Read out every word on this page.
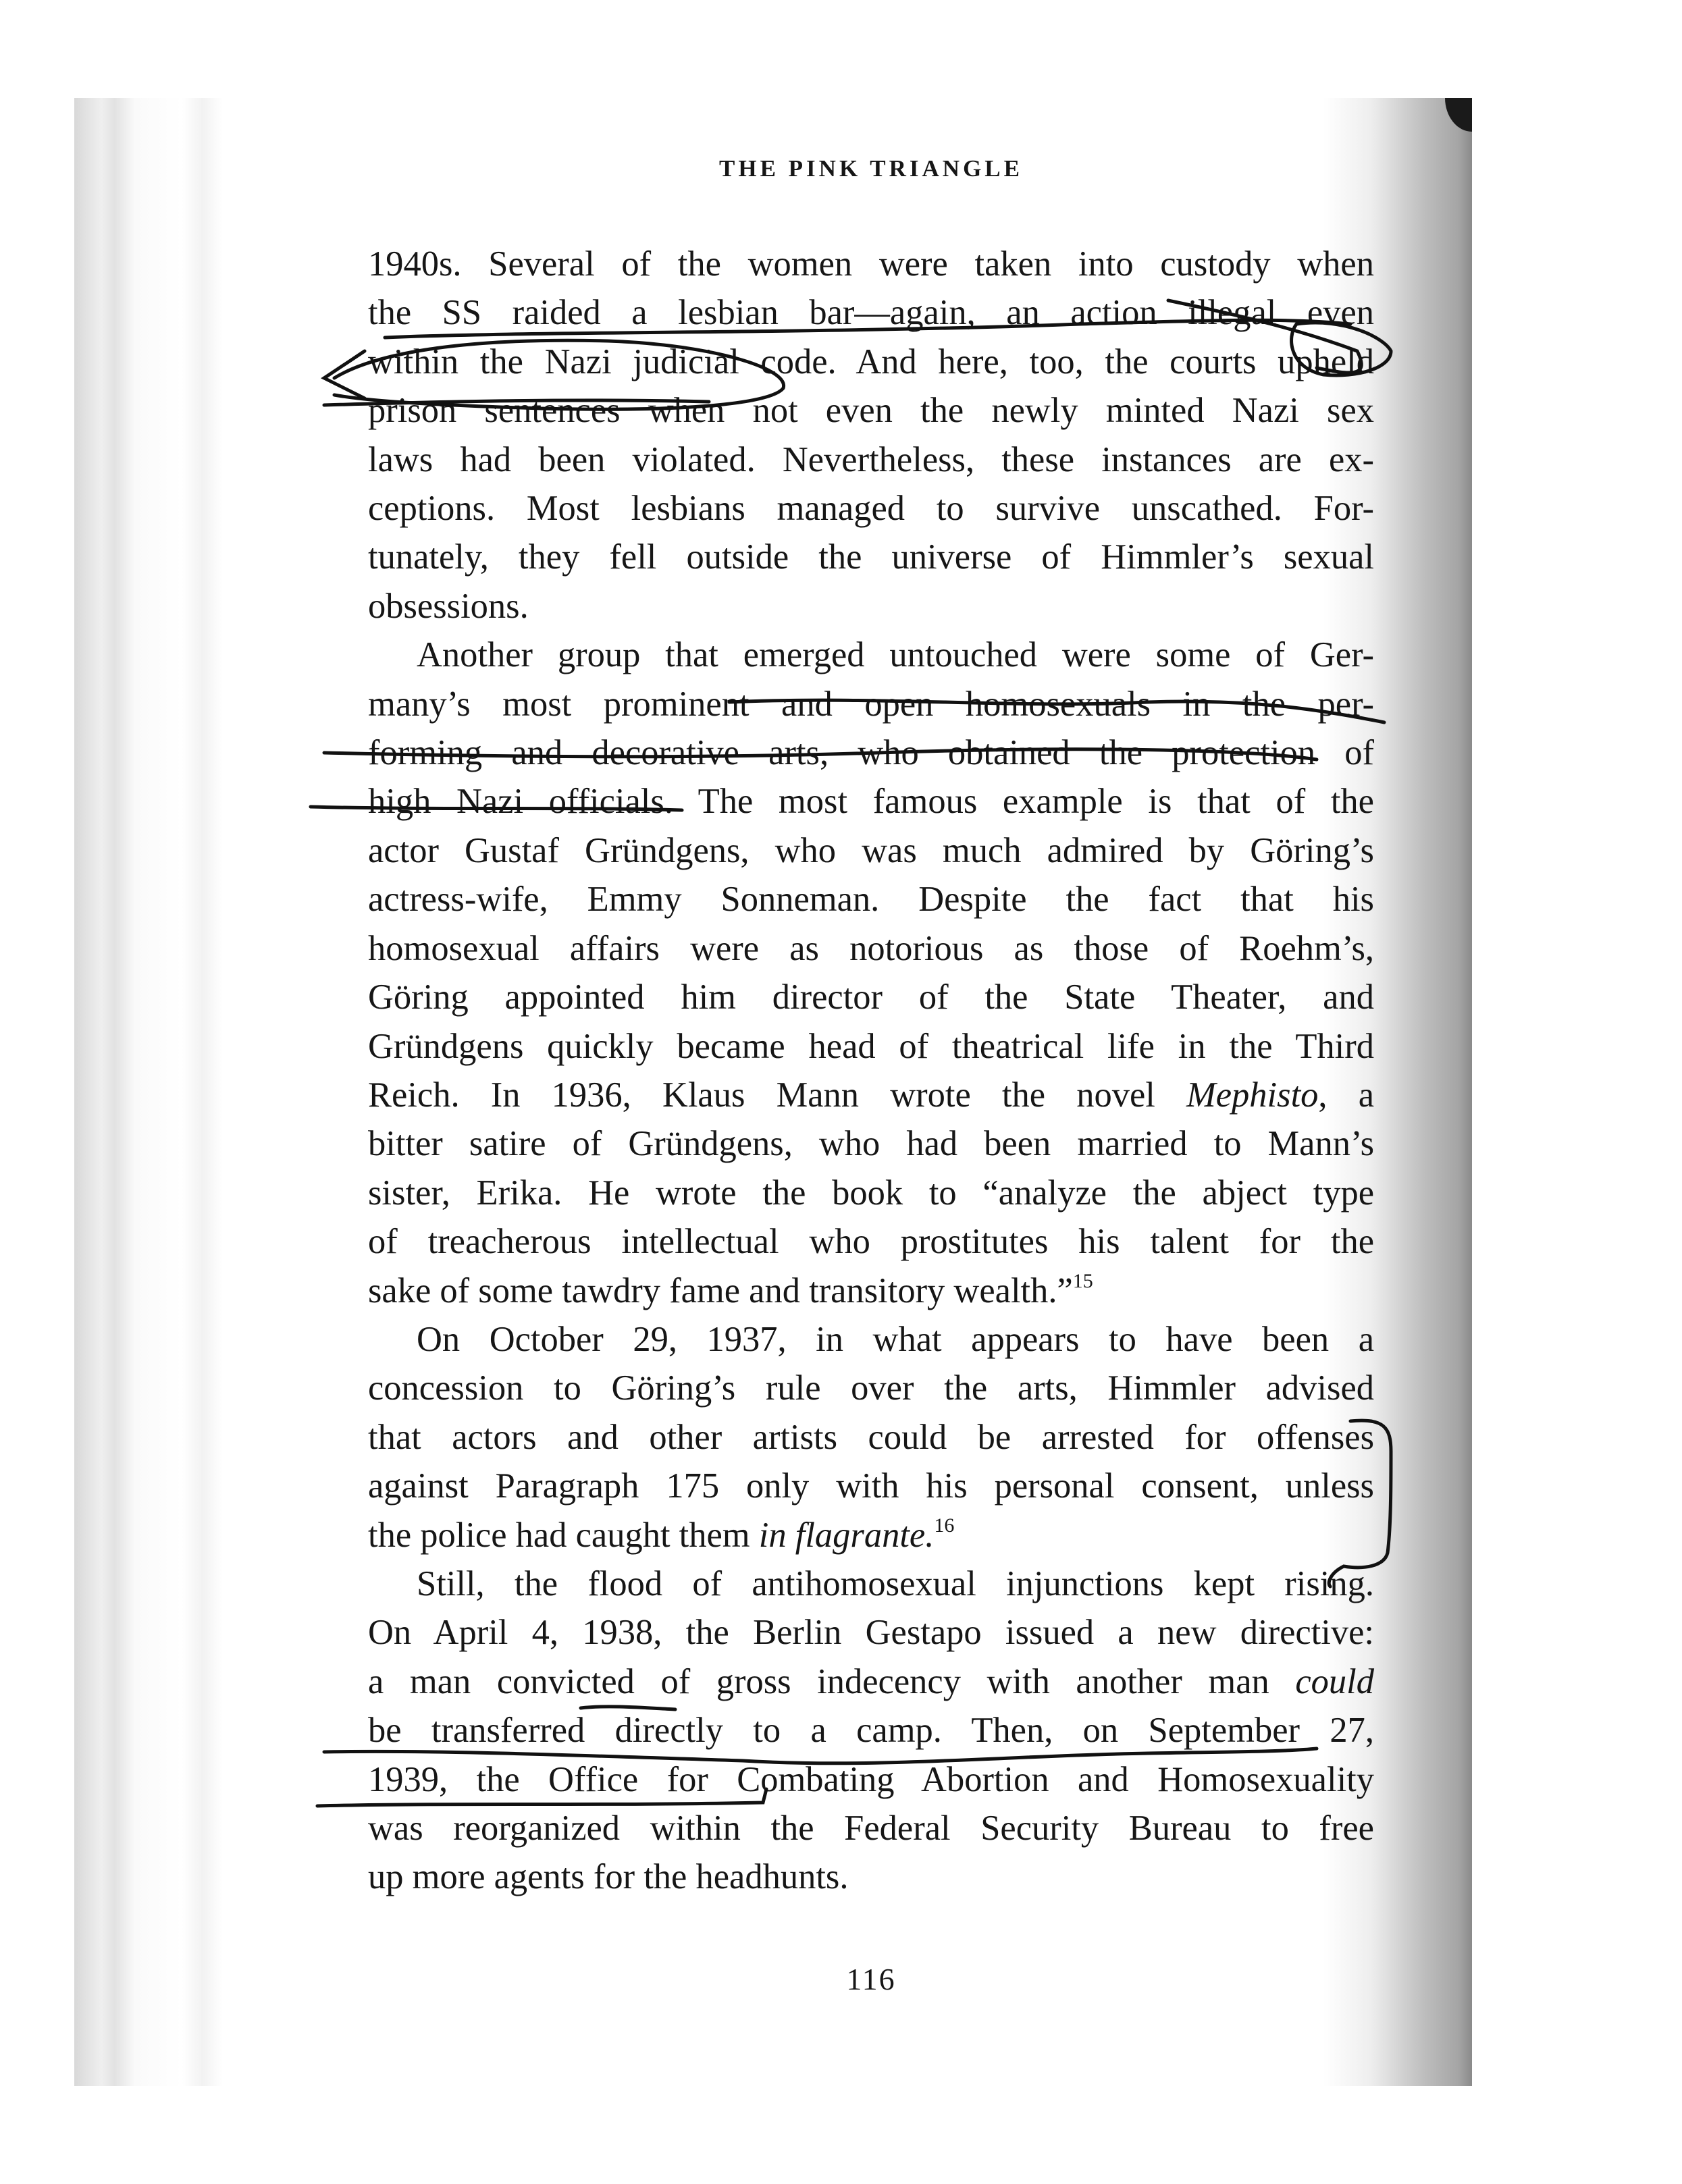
THE PINK TRIANGLE

1940s. Several of the women were taken into custody when
the SS raided a lesbian bar—again, an action illegal even
within the Nazi judicial code. And here, too, the courts upheld
prison sentences when not even the newly minted Nazi sex
laws had been violated. Nevertheless, these instances are ex-
ceptions. Most lesbians managed to survive unscathed. For-
tunately, they fell outside the universe of Himmler’s sexual
obsessions.

Another group that emerged untouched were some of Ger-
many’s most prominent and open homosexuals in the per-
forming and decorative arts, who obtained the protection of
high Nazi officials. The most famous example is that of the
actor Gustaf Gründgens, who was much admired by Göring’s
actress-wife, Emmy Sonneman. Despite the fact that his
homosexual affairs were as notorious as those of Roehm’s,
Göring appointed him director of the State Theater, and
Gründgens quickly became head of theatrical life in the Third
Reich. In 1936, Klaus Mann wrote the novel Mephisto, a
bitter satire of Gründgens, who had been married to Mann’s
sister, Erika. He wrote the book to “analyze the abject type
of treacherous intellectual who prostitutes his talent for the
sake of some tawdry fame and transitory wealth.”$^{15}$

On October 29, 1937, in what appears to have been a
concession to Göring’s rule over the arts, Himmler advised
that actors and other artists could be arrested for offenses
against Paragraph 175 only with his personal consent, unless
the police had caught them in flagrante.$^{16}$

Still, the flood of antihomosexual injunctions kept rising.
On April 4, 1938, the Berlin Gestapo issued a new directive:
a man convicted of gross indecency with another man could
be transferred directly to a camp. Then, on September 27,
1939, the Office for Combating Abortion and Homosexuality
was reorganized within the Federal Security Bureau to free
up more agents for the headhunts.

116
